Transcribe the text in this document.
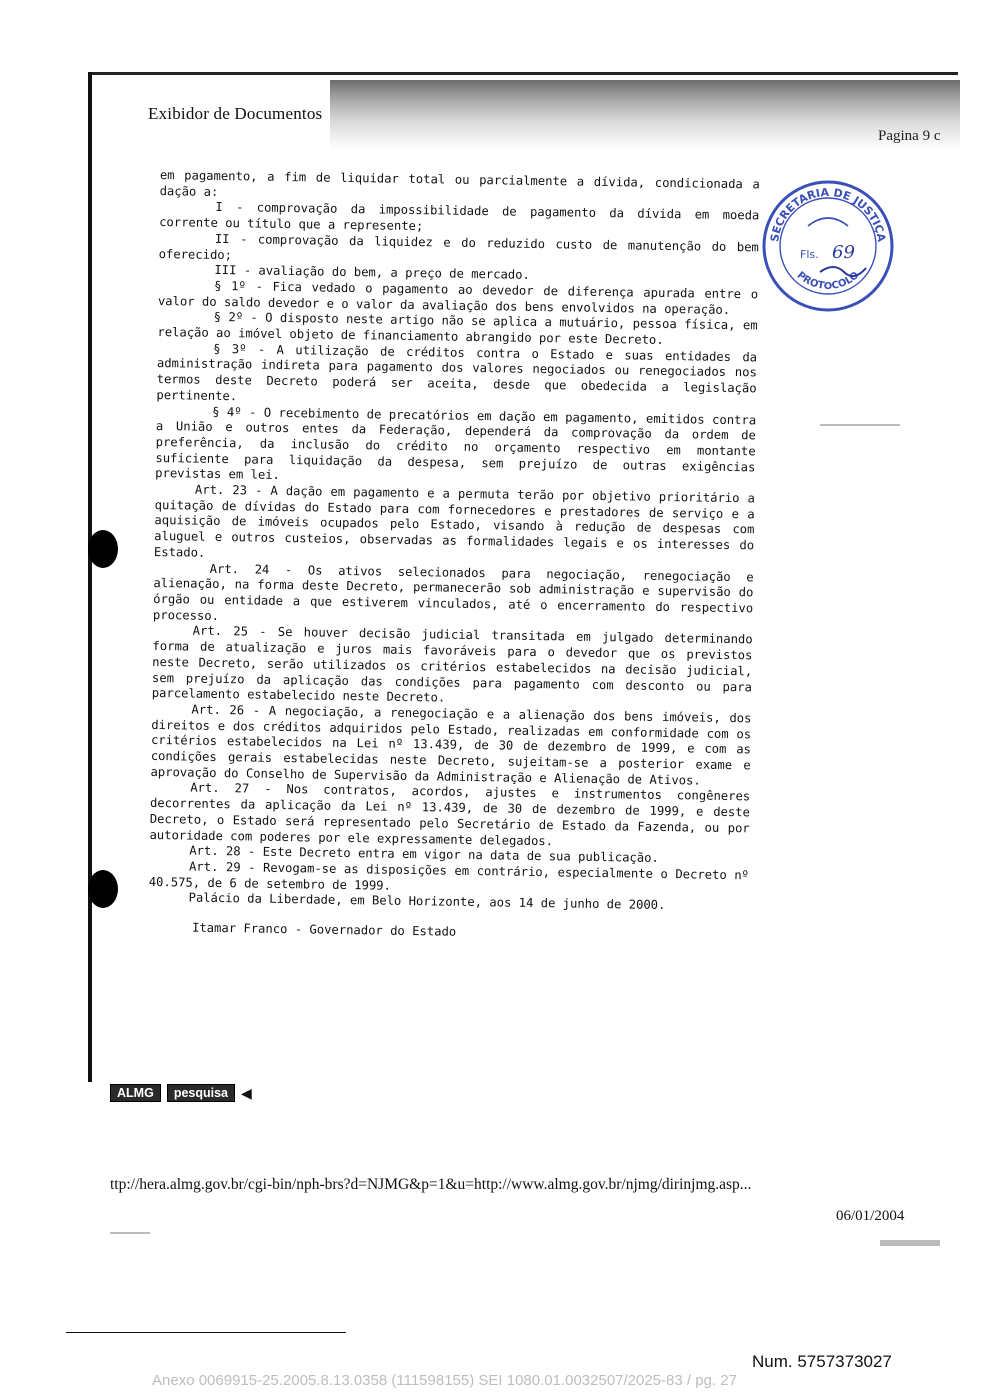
Exibidor de Documentos
Pagina 9 c

em pagamento, a fim de liquidar total ou parcialmente a dívida, condicionada a dação a:

I - comprovação da impossibilidade de pagamento da dívida em moeda corrente ou título que a represente;

II - comprovação da liquidez e do reduzido custo de manutenção do bem oferecido;

III - avaliação do bem, a preço de mercado.

§ 1º - Fica vedado o pagamento ao devedor de diferença apurada entre o valor do saldo devedor e o valor da avaliação dos bens envolvidos na operação.

§ 2º - O disposto neste artigo não se aplica a mutuário, pessoa física, em relação ao imóvel objeto de financiamento abrangido por este Decreto.

§ 3º - A utilização de créditos contra o Estado e suas entidades da administração indireta para pagamento dos valores negociados ou renegociados nos termos deste Decreto poderá ser aceita, desde que obedecida a legislação pertinente.

§ 4º - O recebimento de precatórios em dação em pagamento, emitidos contra a União e outros entes da Federação, dependerá da comprovação da ordem de preferência, da inclusão do crédito no orçamento respectivo em montante suficiente para liquidação da despesa, sem prejuízo de outras exigências previstas em lei.

Art. 23 - A dação em pagamento e a permuta terão por objetivo prioritário a quitação de dívidas do Estado para com fornecedores e prestadores de serviço e a aquisição de imóveis ocupados pelo Estado, visando à redução de despesas com aluguel e outros custeios, observadas as formalidades legais e os interesses do Estado.

Art. 24 - Os ativos selecionados para negociação, renegociação e alienação, na forma deste Decreto, permanecerão sob administração e supervisão do órgão ou entidade a que estiverem vinculados, até o encerramento do respectivo processo.

Art. 25 - Se houver decisão judicial transitada em julgado determinando forma de atualização e juros mais favoráveis para o devedor que os previstos neste Decreto, serão utilizados os critérios estabelecidos na decisão judicial, sem prejuízo da aplicação das condições para pagamento com desconto ou para parcelamento estabelecido neste Decreto.

Art. 26 - A negociação, a renegociação e a alienação dos bens imóveis, dos direitos e dos créditos adquiridos pelo Estado, realizadas em conformidade com os critérios estabelecidos na Lei nº 13.439, de 30 de dezembro de 1999, e com as condições gerais estabelecidas neste Decreto, sujeitam-se a posterior exame e aprovação do Conselho de Supervisão da Administração e Alienação de Ativos.

Art. 27 - Nos contratos, acordos, ajustes e instrumentos congêneres decorrentes da aplicação da Lei nº 13.439, de 30 de dezembro de 1999, e deste Decreto, o Estado será representado pelo Secretário de Estado da Fazenda, ou por autoridade com poderes por ele expressamente delegados.

Art. 28 - Este Decreto entra em vigor na data de sua publicação.

Art. 29 - Revogam-se as disposições em contrário, especialmente o Decreto nº 40.575, de 6 de setembro de 1999.

Palácio da Liberdade, em Belo Horizonte, aos 14 de junho de 2000.

Itamar Franco - Governador do Estado

SECRETARIA DE JUSTIÇA
PROTOCOLO
Fls. 69
ALMG	pesquisa ◀
ttp://hera.almg.gov.br/cgi-bin/nph-brs?d=NJMG&p=1&u=http://www.almg.gov.br/njmg/dirinjmg.asp...
06/01/2004
Num. 5757373027
Anexo 0069915-25.2005.8.13.0358 (111598155) SEI 1080.01.0032507/2025-83 / pg. 27
